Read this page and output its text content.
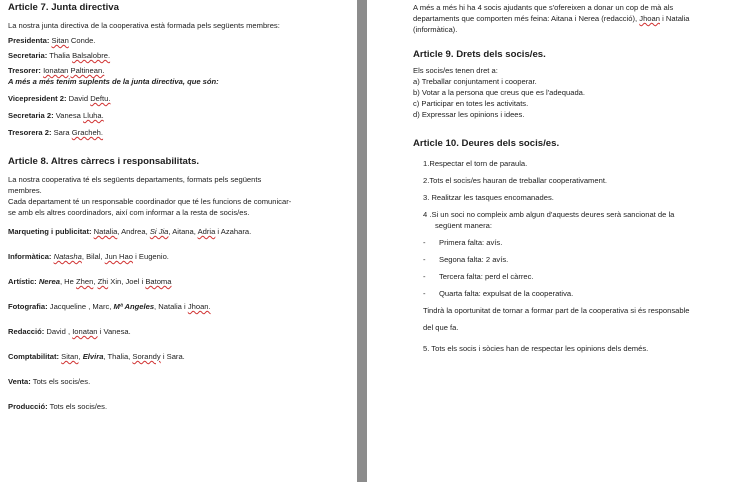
Article 7. Junta directiva

La nostra junta directiva de la cooperativa està formada pels següents membres:

Presidenta: Sitan Conde.

Secretaria: Thalia Balsalobre.

Tresorer: Ionatan Paltinean.

A més a més tenim suplents de la junta directiva, que són:

Vicepresident 2: David Deftu.

Secretaria 2: Vanesa Lluha.

Tresorera 2: Sara Gracheh.

Article 8. Altres càrrecs i responsabilitats.

La nostra cooperativa té els següents departaments, formats pels següents

membres.

Cada departament té un responsable coordinador que té les funcions de comunicar-

se amb els altres coordinadors, així com informar a la resta de socis/es.

Marqueting i publicitat: Natalia, Andrea, Si Jia, Aitana, Adria i Azahara.

Informàtica: Natasha, Bilal, Jun Hao i Eugenio.

Artístic: Nerea, He Zhen, Zhi Xin, Joel i Batoma

Fotografia: Jacqueline , Marc, Mª Angeles, Natalia i Jhoan.

Redacció: David , Ionatan i Vanesa.

Comptabilitat: Sitan, Elvira, Thalia, Sorandy i Sara.

Venta: Tots els socis/es.

Producció: Tots els socis/es.

A més a més hi ha 4 socis ajudants que s'ofereixen a donar un cop de mà als

departaments que comporten més feina: Aitana i Nerea (redacció), Jhoan i Natalia

(informàtica).

Article 9. Drets dels socis/es.

Els socis/es tenen dret a:

a) Treballar conjuntament i cooperar.

b) Votar a la persona que creus que es l'adequada.

c) Participar en totes les activitats.

d) Expressar les opinions i idees.

Article 10. Deures dels socis/es.

1.Respectar el torn de paraula.

2.Tots el socis/es hauran de treballar cooperativament.

3. Realitzar les tasques encomanades.

4 .Si un soci no compleix amb algun d'aquests deures serà sancionat de la

següent manera:

- Primera falta: avís.

- Segona falta: 2 avís.

- Tercera falta: perd el càrrec.

- Quarta falta: expulsat de la cooperativa.

Tindrà la oportunitat de tornar a formar part de la cooperativa si és responsable

del que fa.

5. Tots els socis i sòcies han de respectar les opinions dels demés.
